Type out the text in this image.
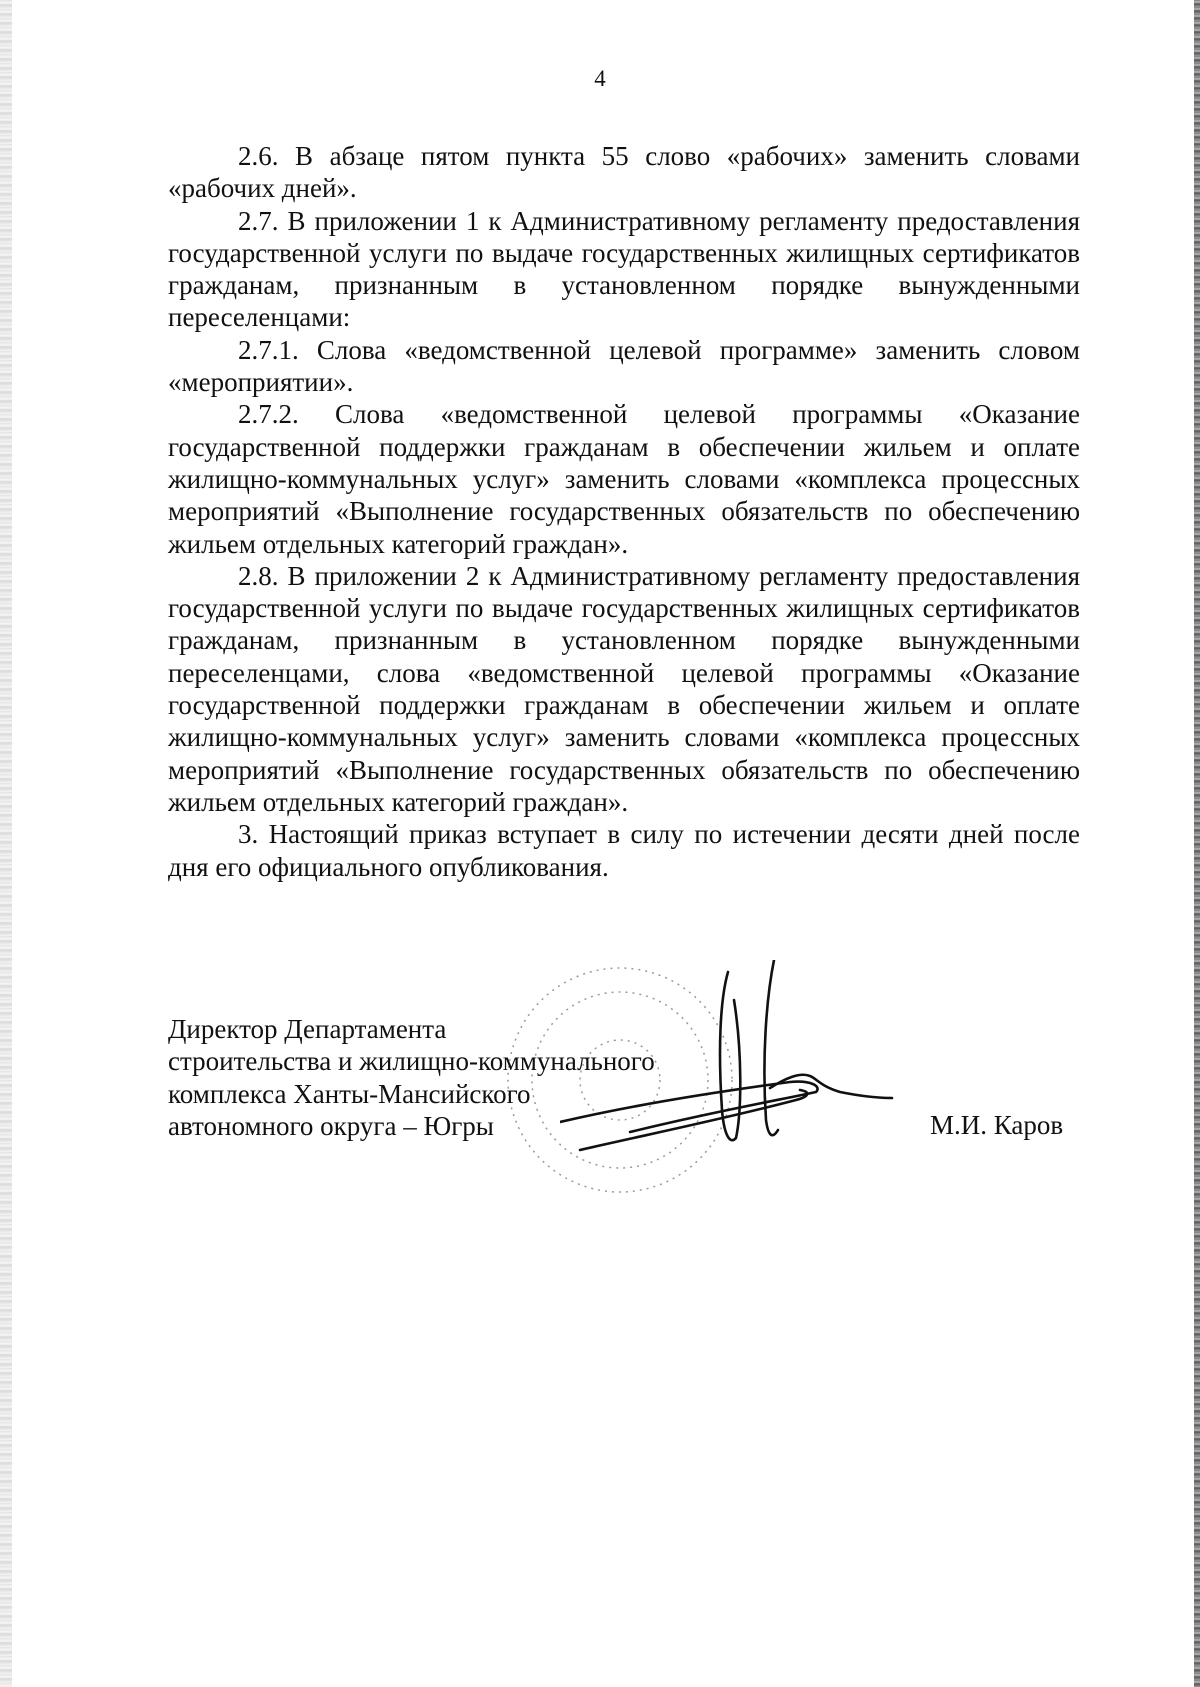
4

2.6. В абзаце пятом пункта 55 слово «рабочих» заменить словами «рабочих дней».

2.7. В приложении 1 к Административному регламенту предоставления государственной услуги по выдаче государственных жилищных сертификатов гражданам, признанным в установленном порядке вынужденными переселенцами:

2.7.1. Слова «ведомственной целевой программе» заменить словом «мероприятии».

2.7.2. Слова «ведомственной целевой программы «Оказание государственной поддержки гражданам в обеспечении жильем и оплате жилищно-коммунальных услуг» заменить словами «комплекса процессных мероприятий «Выполнение государственных обязательств по обеспечению жильем отдельных категорий граждан».

2.8. В приложении 2 к Административному регламенту предоставления государственной услуги по выдаче государственных жилищных сертификатов гражданам, признанным в установленном порядке вынужденными переселенцами, слова «ведомственной целевой программы «Оказание государственной поддержки гражданам в обеспечении жильем и оплате жилищно-коммунальных услуг» заменить словами «комплекса процессных мероприятий «Выполнение государственных обязательств по обеспечению жильем отдельных категорий граждан».

3. Настоящий приказ вступает в силу по истечении десяти дней после дня его официального опубликования.

Директор Департамента
строительства и жилищно-коммунального
комплекса Ханты-Мансийского
автономного округа – Югры	М.И. Каров
